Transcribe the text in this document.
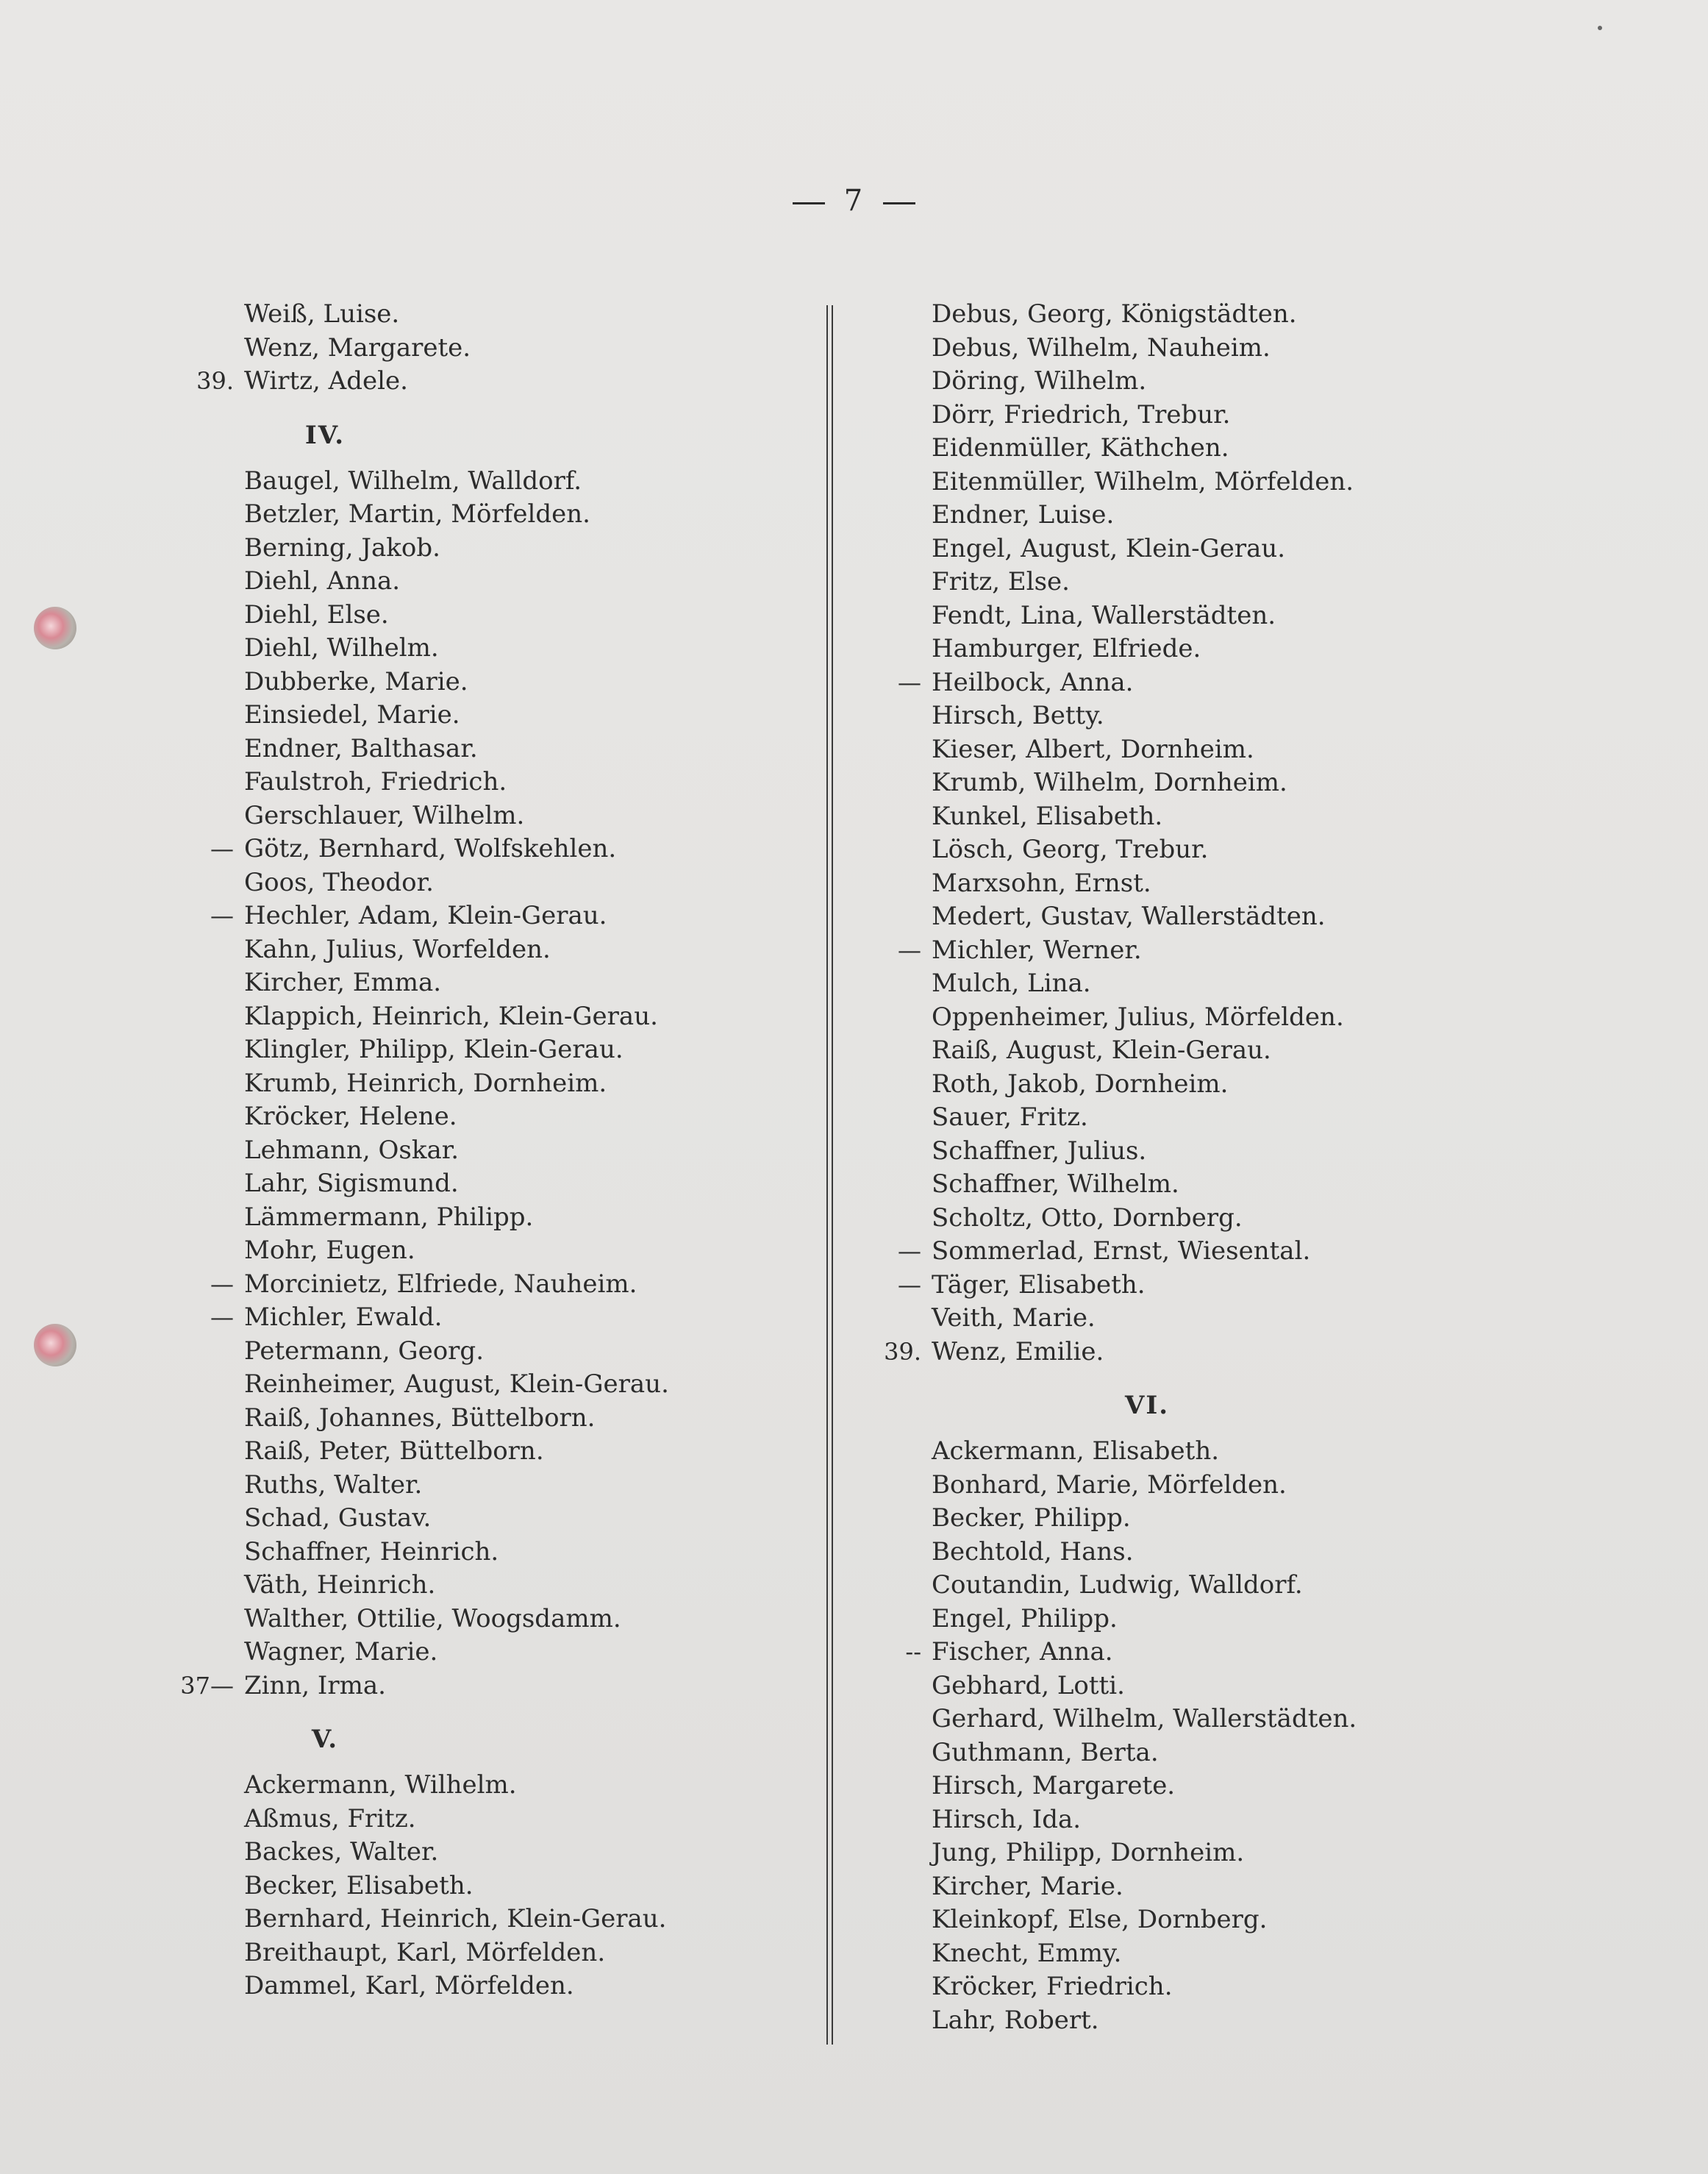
7
Weiß, Luise.
Wenz, Margarete.
39. Wirtz, Adele.
IV.
Baugel, Wilhelm, Walldorf.
Betzler, Martin, Mörfelden.
Berning, Jakob.
Diehl, Anna.
Diehl, Else.
Diehl, Wilhelm.
Dubberke, Marie.
Einsiedel, Marie.
Endner, Balthasar.
Faulstroh, Friedrich.
Gerschlauer, Wilhelm.
— Götz, Bernhard, Wolfskehlen.
Goos, Theodor.
— Hechler, Adam, Klein-Gerau.
Kahn, Julius, Worfelden.
Kircher, Emma.
Klappich, Heinrich, Klein-Gerau.
Klingler, Philipp, Klein-Gerau.
Krumb, Heinrich, Dornheim.
Kröcker, Helene.
Lehmann, Oskar.
Lahr, Sigismund.
Lämmermann, Philipp.
Mohr, Eugen.
— Morcinietz, Elfriede, Nauheim.
— Michler, Ewald.
Petermann, Georg.
Reinheimer, August, Klein-Gerau.
Raiß, Johannes, Büttelborn.
Raiß, Peter, Büttelborn.
Ruths, Walter.
Schad, Gustav.
Schaffner, Heinrich.
Väth, Heinrich.
Walther, Ottilie, Woogsdamm.
Wagner, Marie.
37— Zinn, Irma.
V.
Ackermann, Wilhelm.
Aßmus, Fritz.
Backes, Walter.
Becker, Elisabeth.
Bernhard, Heinrich, Klein-Gerau.
Breithaupt, Karl, Mörfelden.
Dammel, Karl, Mörfelden.
Debus, Georg, Königstädten.
Debus, Wilhelm, Nauheim.
Döring, Wilhelm.
Dörr, Friedrich, Trebur.
Eidenmüller, Käthchen.
Eitenmüller, Wilhelm, Mörfelden.
Endner, Luise.
Engel, August, Klein-Gerau.
Fritz, Else.
Fendt, Lina, Wallerstädten.
Hamburger, Elfriede.
— Heilbock, Anna.
Hirsch, Betty.
Kieser, Albert, Dornheim.
Krumb, Wilhelm, Dornheim.
Kunkel, Elisabeth.
Lösch, Georg, Trebur.
Marxsohn, Ernst.
Medert, Gustav, Wallerstädten.
— Michler, Werner.
Mulch, Lina.
Oppenheimer, Julius, Mörfelden.
Raiß, August, Klein-Gerau.
Roth, Jakob, Dornheim.
Sauer, Fritz.
Schaffner, Julius.
Schaffner, Wilhelm.
Scholtz, Otto, Dornberg.
— Sommerlad, Ernst, Wiesental.
— Täger, Elisabeth.
Veith, Marie.
39. Wenz, Emilie.
VI.
Ackermann, Elisabeth.
Bonhard, Marie, Mörfelden.
Becker, Philipp.
Bechtold, Hans.
Coutandin, Ludwig, Walldorf.
Engel, Philipp.
-- Fischer, Anna.
Gebhard, Lotti.
Gerhard, Wilhelm, Wallerstädten.
Guthmann, Berta.
Hirsch, Margarete.
Hirsch, Ida.
Jung, Philipp, Dornheim.
Kircher, Marie.
Kleinkopf, Else, Dornberg.
Knecht, Emmy.
Kröcker, Friedrich.
Lahr, Robert.
